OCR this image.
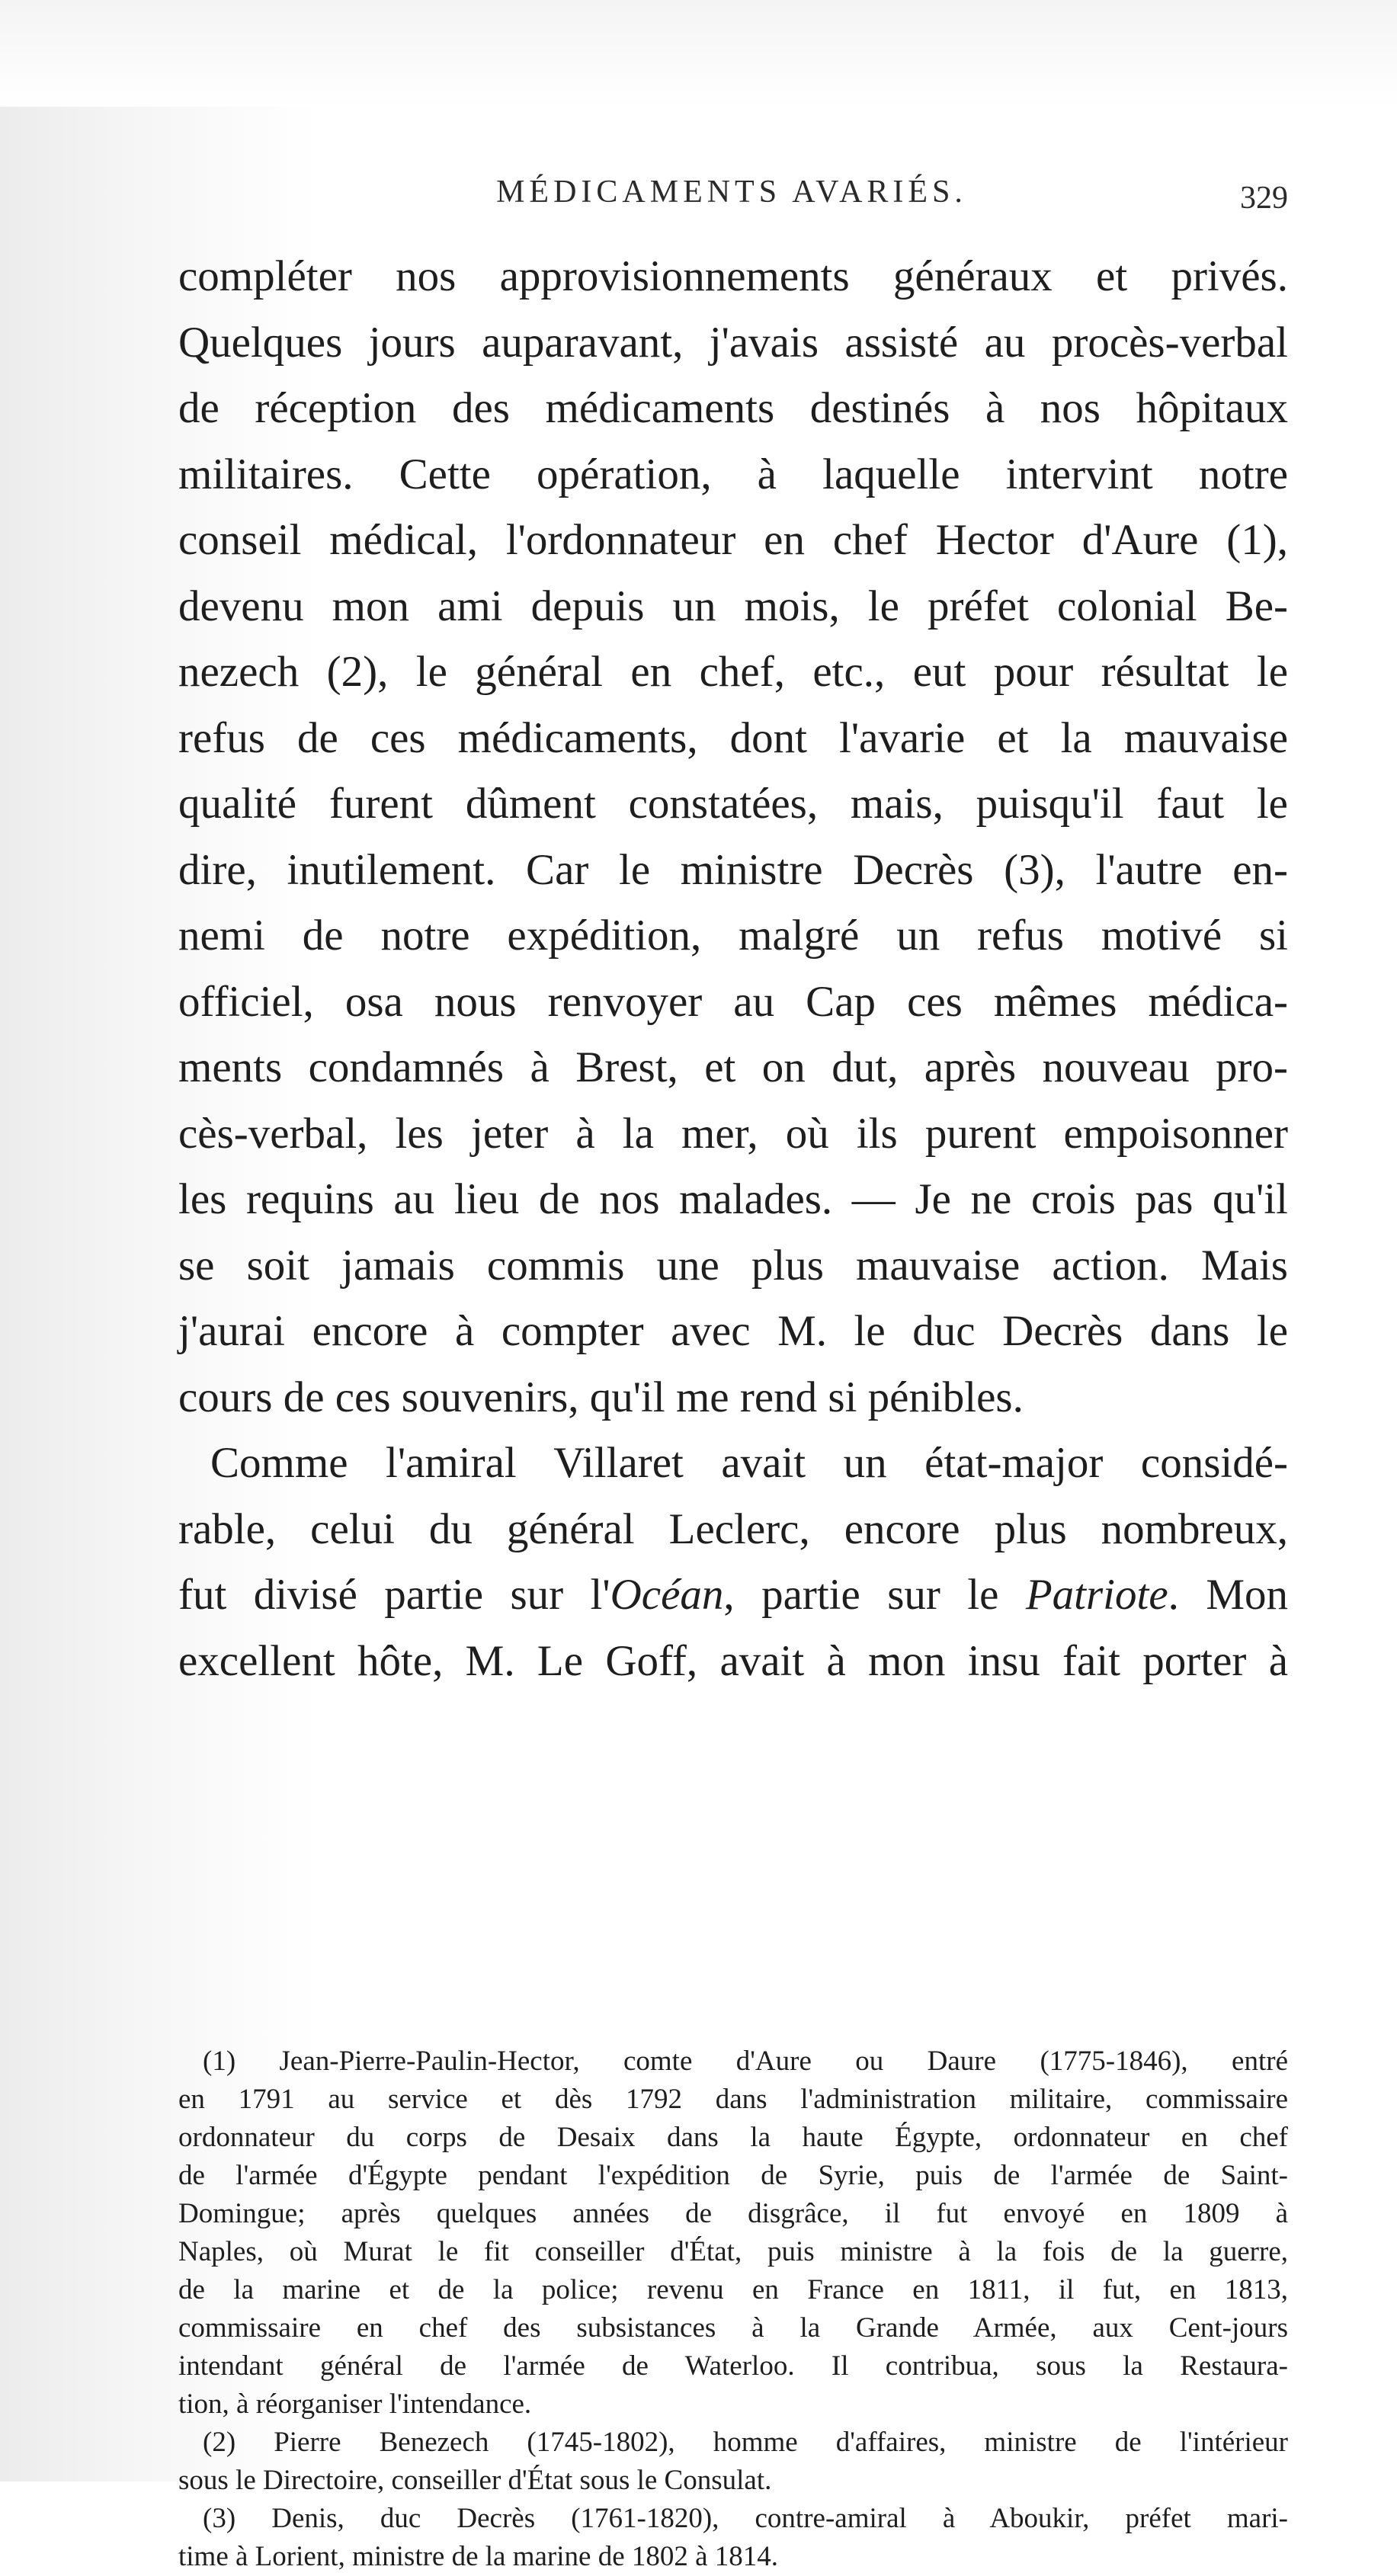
MÉDICAMENTS AVARIÉS.	329
compléter nos approvisionnements généraux et privés.
Quelques jours auparavant, j'avais assisté au procès-verbal
de réception des médicaments destinés à nos hôpitaux
militaires. Cette opération, à laquelle intervint notre
conseil médical, l'ordonnateur en chef Hector d'Aure (1),
devenu mon ami depuis un mois, le préfet colonial Be-
nezech (2), le général en chef, etc., eut pour résultat le
refus de ces médicaments, dont l'avarie et la mauvaise
qualité furent dûment constatées, mais, puisqu'il faut le
dire, inutilement. Car le ministre Decrès (3), l'autre en-
nemi de notre expédition, malgré un refus motivé si
officiel, osa nous renvoyer au Cap ces mêmes médica-
ments condamnés à Brest, et on dut, après nouveau pro-
cès-verbal, les jeter à la mer, où ils purent empoisonner
les requins au lieu de nos malades. — Je ne crois pas qu'il
se soit jamais commis une plus mauvaise action. Mais
j'aurai encore à compter avec M. le duc Decrès dans le
cours de ces souvenirs, qu'il me rend si pénibles.
Comme l'amiral Villaret avait un état-major considé-
rable, celui du général Leclerc, encore plus nombreux,
fut divisé partie sur l'Océan, partie sur le Patriote. Mon
excellent hôte, M. Le Goff, avait à mon insu fait porter à
(1) Jean-Pierre-Paulin-Hector, comte d'Aure ou Daure (1775-1846), entré
en 1791 au service et dès 1792 dans l'administration militaire, commissaire
ordonnateur du corps de Desaix dans la haute Égypte, ordonnateur en chef
de l'armée d'Égypte pendant l'expédition de Syrie, puis de l'armée de Saint-
Domingue; après quelques années de disgrâce, il fut envoyé en 1809 à
Naples, où Murat le fit conseiller d'État, puis ministre à la fois de la guerre,
de la marine et de la police; revenu en France en 1811, il fut, en 1813,
commissaire en chef des subsistances à la Grande Armée, aux Cent-jours
intendant général de l'armée de Waterloo. Il contribua, sous la Restaura-
tion, à réorganiser l'intendance.
(2) Pierre Benezech (1745-1802), homme d'affaires, ministre de l'intérieur
sous le Directoire, conseiller d'État sous le Consulat.
(3) Denis, duc Decrès (1761-1820), contre-amiral à Aboukir, préfet mari-
time à Lorient, ministre de la marine de 1802 à 1814.
